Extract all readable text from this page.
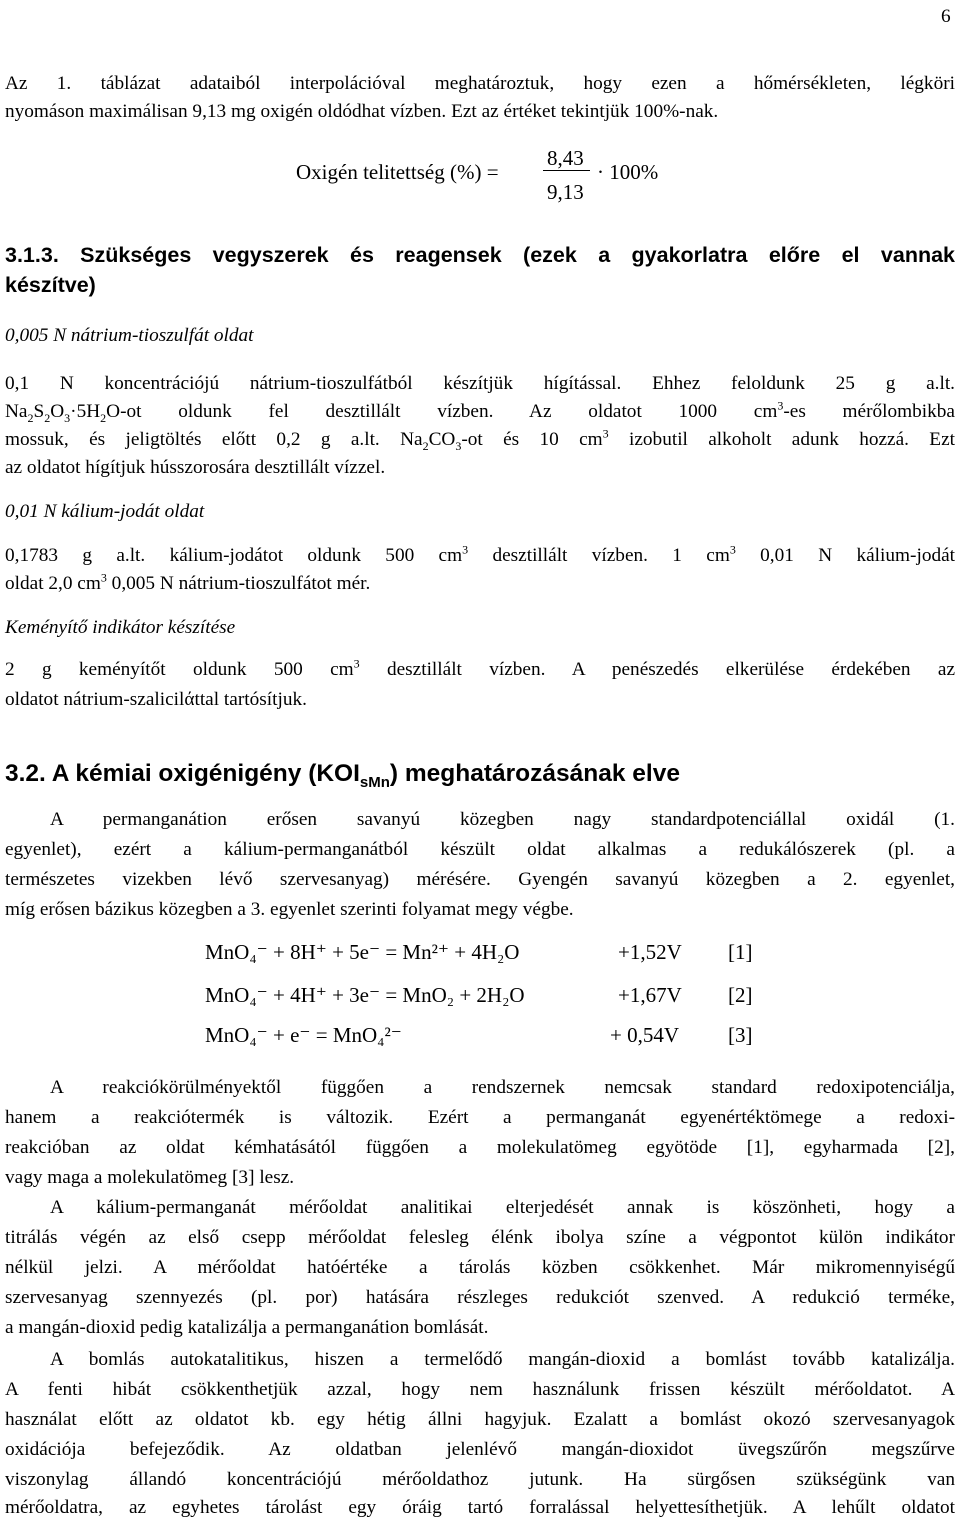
6
Az 1. táblázat adataiból interpolációval meghatároztuk, hogy ezen a hőmérsékleten, légköri
nyomáson maximálisan 9,13 mg oxigén oldódhat vízben. Ezt az értéket tekintjük 100%-nak.
Oxigén telitettség (%) =
8,43
9,13
· 100%
3.1.3. Szükséges vegyszerek és reagensek (ezek a gyakorlatra előre el vannak
készítve)
0,005 N nátrium-tioszulfát oldat
0,1 N koncentrációjú nátrium-tioszulfátból készítjük hígítással. Ehhez feloldunk 25 g a.lt.
$Na_2S_2O_3\cdot 5H_2O-ot$ oldunk fel desztillált vízben. Az oldatot 1000 $cm^3-es$ mérőlombikba
mossuk, és jeligtöltés előtt 0,2 g a.lt. $Na_2CO_3-ot$ és 10 $cm^3$ izobutil alkoholt adunk hozzá. Ezt
az oldatot hígítjuk hússzorosára desztillált vízzel.
0,01 N kálium-jodát oldat
0,1783 g a.lt. kálium-jodátot oldunk 500 $cm^3$ desztillált vízben. 1 $cm^3$ 0,01 N kálium-jodát
oldat 2,0 $cm^3$ 0,005 N nátrium-tioszulfátot mér.
Keményítő indikátor készítése
2 g keményítőt oldunk 500 $cm^3$ desztillált vízben. A penészedés elkerülése érdekében az
oldatot nátrium-szalicilάttal tartósítjuk.
3.2. A kémiai oxigénigény $(KOI_{sMn})$ meghatározásának elve
A permanganátion erősen savanyú közegben nagy standardpotenciállal oxidál (1.
egyenlet), ezért a kálium-permanganátból készült oldat alkalmas a redukálószerek (pl. a
természetes vizekben lévő szervesanyag) mérésére. Gyengén savanyú közegben a 2. egyenlet,
míg erősen bázikus közegben a 3. egyenlet szerinti folyamat megy végbe.
MnO₄⁻ + 8H⁺ + 5e⁻ = Mn²⁺ + 4H₂O	+1,52V [1]
MnO₄⁻ + 4H⁺ + 3e⁻ = MnO₂ + 2H₂O	+1,67V [2]
MnO₄⁻ + e⁻ = MnO₄²⁻	+ 0,54V [3]
A reakciókörülményektől függően a rendszernek nemcsak standard redoxipotenciálja,
hanem a reakciótermék is változik. Ezért a permanganát egyenértéktömege a redoxi-
reakcióban az oldat kémhatásától függően a molekulatömeg egyötöde [1], egyharmada [2],
vagy maga a molekulatömeg [3] lesz.
A kálium-permanganát mérőoldat analitikai elterjedését annak is köszönheti, hogy a
titrálás végén az első csepp mérőoldat felesleg élénk ibolya színe a végpontot külön indikátor
nélkül jelzi. A mérőoldat hatóértéke a tárolás közben csökkenhet. Már mikromennyiségű
szervesanyag szennyezés (pl. por) hatására részleges redukciót szenved. A redukció terméke,
a mangán-dioxid pedig katalizálja a permanganátion bomlását.
A bomlás autokatalitikus, hiszen a termelődő mangán-dioxid a bomlást tovább katalizálja.
A fenti hibát csökkenthetjük azzal, hogy nem használunk frissen készült mérőoldatot. A
használat előtt az oldatot kb. egy hétig állni hagyjuk. Ezalatt a bomlást okozó szervesanyagok
oxidációja befejeződik. Az oldatban jelenlévő mangán-dioxidot üvegszűrőn megszűrve
viszonylag állandó koncentrációjú mérőoldathoz jutunk. Ha sürgősen szükségünk van
mérőoldatra, az egyhetes tárolást egy óráig tartó forralással helyettesíthetjük. A lehűlt oldatot
